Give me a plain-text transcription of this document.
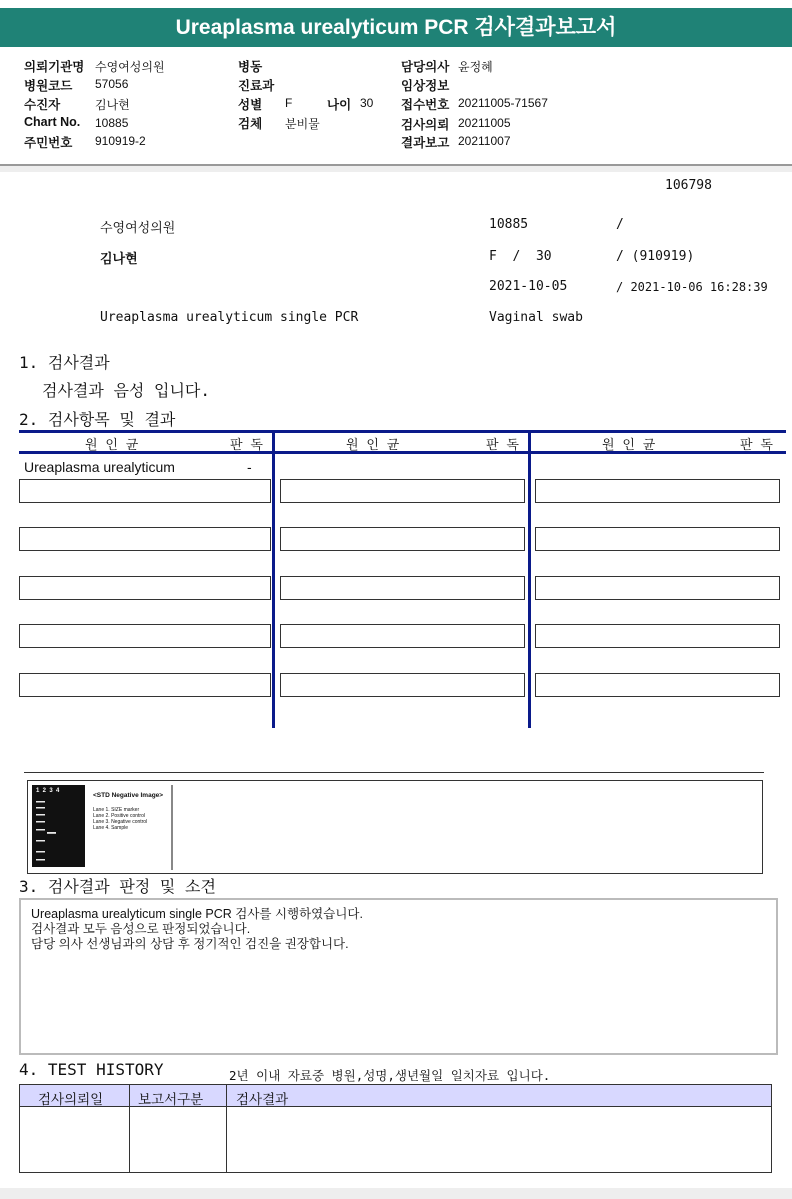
Ureaplasma urealyticum PCR 검사결과보고서
의뢰기관명 수영여성의원
병원코드 57056
수진자	김나현
Chart No. 10885
주민번호 910919-2
병동
진료과
성별 F	나이 30
검체 분비물
담당의사 윤정혜
임상정보
접수번호 20211005-71567
검사의뢰 20211005
결과보고 20211007
106798
수영여성의원	10885	/
김나현	F  /  30	/ (910919)
2021-10-05	/ 2021-10-06 16:28:39
Ureaplasma urealyticum single PCR	Vaginal swab
1. 검사결과
검사결과 음성 입니다.
2. 검사항목 및 결과
원 인 균	판 독	원 인 균	판 독	원 인 균	판 독
Ureaplasma urealyticum	-
1  2  3  4
<STD Negative Image>
Lane 1. SIZE marker
Lane 2. Positive control
Lane 3. Negative control
Lane 4. Sample
3. 검사결과 판정 및 소견
Ureaplasma urealyticum single PCR 검사를 시행하였습니다.
검사결과 모두 음성으로 판정되었습니다.
담당 의사 선생님과의 상담 후 정기적인 검진을 권장합니다.
4. TEST HISTORY	2년 이내 자료중 병원,성명,생년월일 일치자료 입니다.
검사의뢰일	보고서구분 검사결과
